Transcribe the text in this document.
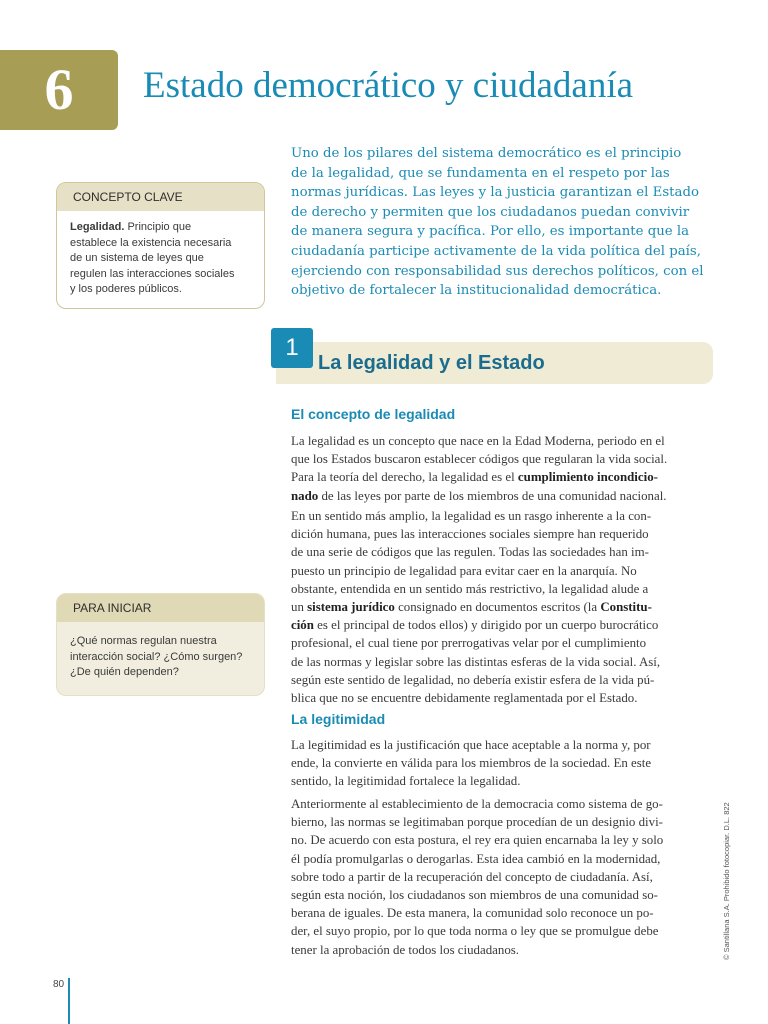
6 Estado democrático y ciudadanía
Uno de los pilares del sistema democrático es el principio
de la legalidad, que se fundamenta en el respeto por las
normas jurídicas. Las leyes y la justicia garantizan el Estado
de derecho y permiten que los ciudadanos puedan convivir
de manera segura y pacífica. Por ello, es importante que la
ciudadanía participe activamente de la vida política del país,
ejerciendo con responsabilidad sus derechos políticos, con el
objetivo de fortalecer la institucionalidad democrática.
CONCEPTO CLAVE
Legalidad. Principio que
establece la existencia necesaria
de un sistema de leyes que
regulen las interacciones sociales
y los poderes públicos.
PARA INICIAR
¿Qué normas regulan nuestra
interacción social? ¿Cómo surgen?
¿De quién dependen?
1
La legalidad y el Estado
El concepto de legalidad
La legalidad es un concepto que nace en la Edad Moderna, periodo en el
que los Estados buscaron establecer códigos que regularan la vida social.
Para la teoría del derecho, la legalidad es el cumplimiento incondicio-
nado de las leyes por parte de los miembros de una comunidad nacional.
En un sentido más amplio, la legalidad es un rasgo inherente a la con-
dición humana, pues las interacciones sociales siempre han requerido
de una serie de códigos que las regulen. Todas las sociedades han im-
puesto un principio de legalidad para evitar caer en la anarquía. No
obstante, entendida en un sentido más restrictivo, la legalidad alude a
un sistema jurídico consignado en documentos escritos (la Constitu-
ción es el principal de todos ellos) y dirigido por un cuerpo burocrático
profesional, el cual tiene por prerrogativas velar por el cumplimiento
de las normas y legislar sobre las distintas esferas de la vida social. Así,
según este sentido de legalidad, no debería existir esfera de la vida pú-
blica que no se encuentre debidamente reglamentada por el Estado.
La legitimidad
La legitimidad es la justificación que hace aceptable a la norma y, por
ende, la convierte en válida para los miembros de la sociedad. En este
sentido, la legitimidad fortalece la legalidad.
Anteriormente al establecimiento de la democracia como sistema de go-
bierno, las normas se legitimaban porque procedían de un designio divi-
no. De acuerdo con esta postura, el rey era quien encarnaba la ley y solo
él podía promulgarlas o derogarlas. Esta idea cambió en la modernidad,
sobre todo a partir de la recuperación del concepto de ciudadanía. Así,
según esta noción, los ciudadanos son miembros de una comunidad so-
berana de iguales. De esta manera, la comunidad solo reconoce un po-
der, el suyo propio, por lo que toda norma o ley que se promulgue debe
tener la aprobación de todos los ciudadanos.	© Santillana S.A. Prohibido fotocopiar. D.L. 822
80
